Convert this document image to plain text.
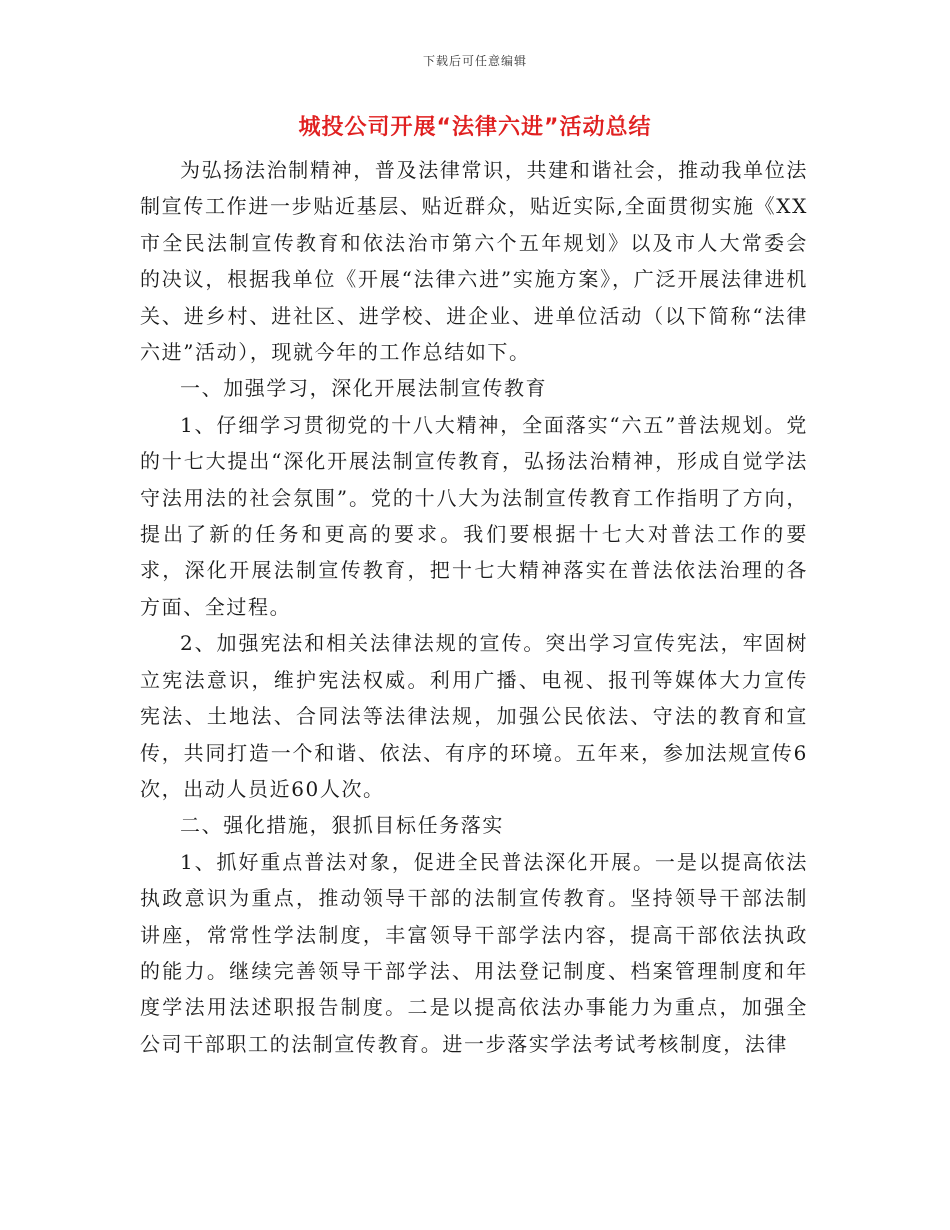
下载后可任意编辑
城投公司开展“法律六进”活动总结

为弘扬法治制精神，普及法律常识，共建和谐社会，推动我单位法制宣传工作进一步贴近基层、贴近群众，贴近实际,全面贯彻实施《XX市全民法制宣传教育和依法治市第六个五年规划》以及市人大常委会的决议，根据我单位《开展“法律六进”实施方案》，广泛开展法律进机关、进乡村、进社区、进学校、进企业、进单位活动（以下简称“法律六进”活动），现就今年的工作总结如下。

一、加强学习，深化开展法制宣传教育

1、仔细学习贯彻党的十八大精神，全面落实“六五”普法规划。党的十七大提出“深化开展法制宣传教育，弘扬法治精神，形成自觉学法守法用法的社会氛围”。党的十八大为法制宣传教育工作指明了方向，提出了新的任务和更高的要求。我们要根据十七大对普法工作的要求，深化开展法制宣传教育，把十七大精神落实在普法依法治理的各方面、全过程。

2、加强宪法和相关法律法规的宣传。突出学习宣传宪法，牢固树立宪法意识，维护宪法权威。利用广播、电视、报刊等媒体大力宣传宪法、土地法、合同法等法律法规，加强公民依法、守法的教育和宣传，共同打造一个和谐、依法、有序的环境。五年来，参加法规宣传6次，出动人员近60人次。

二、强化措施，狠抓目标任务落实

1、抓好重点普法对象，促进全民普法深化开展。一是以提高依法执政意识为重点，推动领导干部的法制宣传教育。坚持领导干部法制讲座，常常性学法制度，丰富领导干部学法内容，提高干部依法执政的能力。继续完善领导干部学法、用法登记制度、档案管理制度和年度学法用法述职报告制度。二是以提高依法办事能力为重点，加强全公司干部职工的法制宣传教育。进一步落实学法考试考核制度，法律
